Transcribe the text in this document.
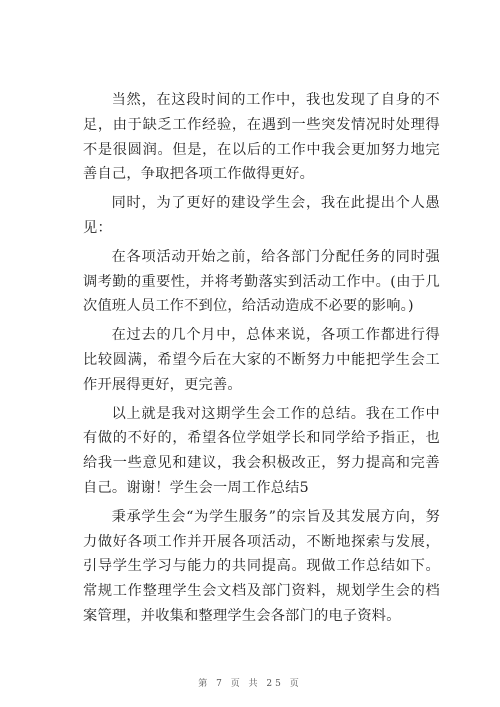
当然，在这段时间的工作中，我也发现了自身的不足，由于缺乏工作经验，在遇到一些突发情况时处理得不是很圆润。但是，在以后的工作中我会更加努力地完善自己，争取把各项工作做得更好。

同时，为了更好的建设学生会，我在此提出个人愚见：

在各项活动开始之前，给各部门分配任务的同时强调考勤的重要性，并将考勤落实到活动工作中。(由于几次值班人员工作不到位，给活动造成不必要的影响。)

在过去的几个月中，总体来说，各项工作都进行得比较圆满，希望今后在大家的不断努力中能把学生会工作开展得更好，更完善。

以上就是我对这期学生会工作的总结。我在工作中有做的不好的，希望各位学姐学长和同学给予指正，也给我一些意见和建议，我会积极改正，努力提高和完善自己。谢谢！学生会一周工作总结5

秉承学生会“为学生服务”的宗旨及其发展方向，努力做好各项工作并开展各项活动，不断地探索与发展，引导学生学习与能力的共同提高。现做工作总结如下。常规工作整理学生会文档及部门资料，规划学生会的档案管理，并收集和整理学生会各部门的电子资料。

第 7 页 共 25 页
